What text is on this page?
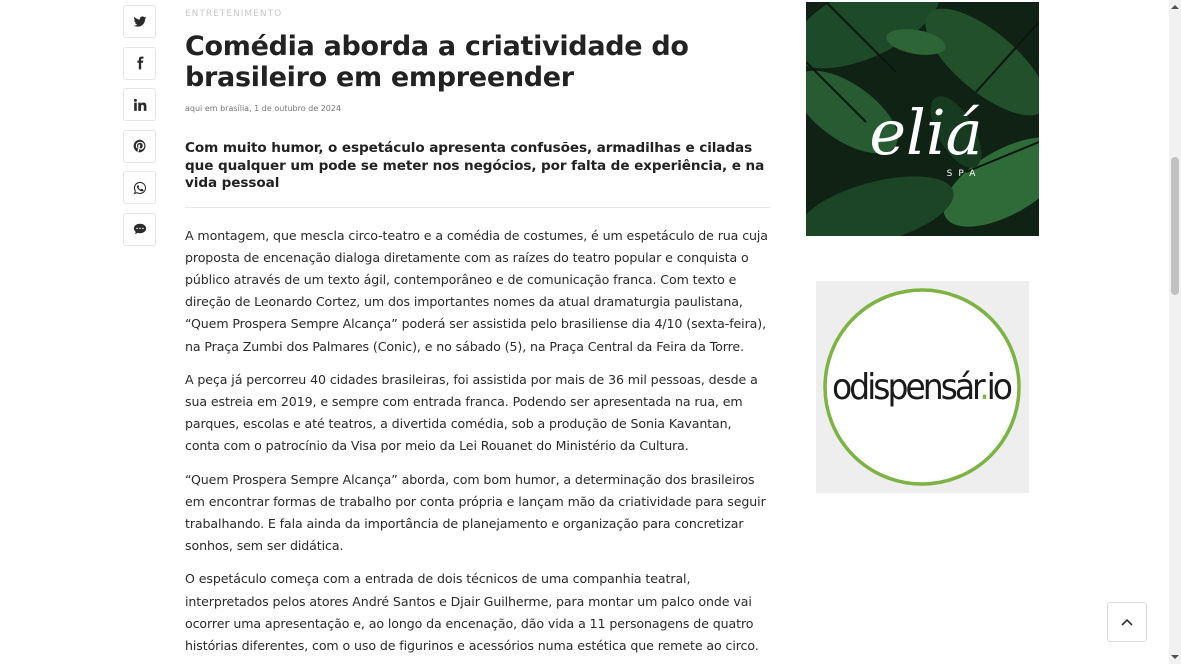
ENTRETENIMENTO
Comédia aborda a criatividade do brasileiro em empreender
aqui em brasília, 1 de outubro de 2024
Com muito humor, o espetáculo apresenta confusões, armadilhas e ciladas que qualquer um pode se meter nos negócios, por falta de experiência, e na vida pessoal

A montagem, que mescla circo-teatro e a comédia de costumes, é um espetáculo de rua cuja proposta de encenação dialoga diretamente com as raízes do teatro popular e conquista o público através de um texto ágil, contemporâneo e de comunicação franca. Com texto e direção de Leonardo Cortez, um dos importantes nomes da atual dramaturgia paulistana, “Quem Prospera Sempre Alcança” poderá ser assistida pelo brasiliense dia 4/10 (sexta-feira), na Praça Zumbi dos Palmares (Conic), e no sábado (5), na Praça Central da Feira da Torre.

A peça já percorreu 40 cidades brasileiras, foi assistida por mais de 36 mil pessoas, desde a sua estreia em 2019, e sempre com entrada franca. Podendo ser apresentada na rua, em parques, escolas e até teatros, a divertida comédia, sob a produção de Sonia Kavantan, conta com o patrocínio da Visa por meio da Lei Rouanet do Ministério da Cultura.

“Quem Prospera Sempre Alcança” aborda, com bom humor, a determinação dos brasileiros em encontrar formas de trabalho por conta própria e lançam mão da criatividade para seguir trabalhando. E fala ainda da importância de planejamento e organização para concretizar sonhos, sem ser didática.

O espetáculo começa com a entrada de dois técnicos de uma companhia teatral, interpretados pelos atores André Santos e Djair Guilherme, para montar um palco onde vai ocorrer uma apresentação e, ao longo da encenação, dão vida a 11 personagens de quatro histórias diferentes, com o uso de figurinos e acessórios numa estética que remete ao circo.

eliá
SPA
odispensár.io
